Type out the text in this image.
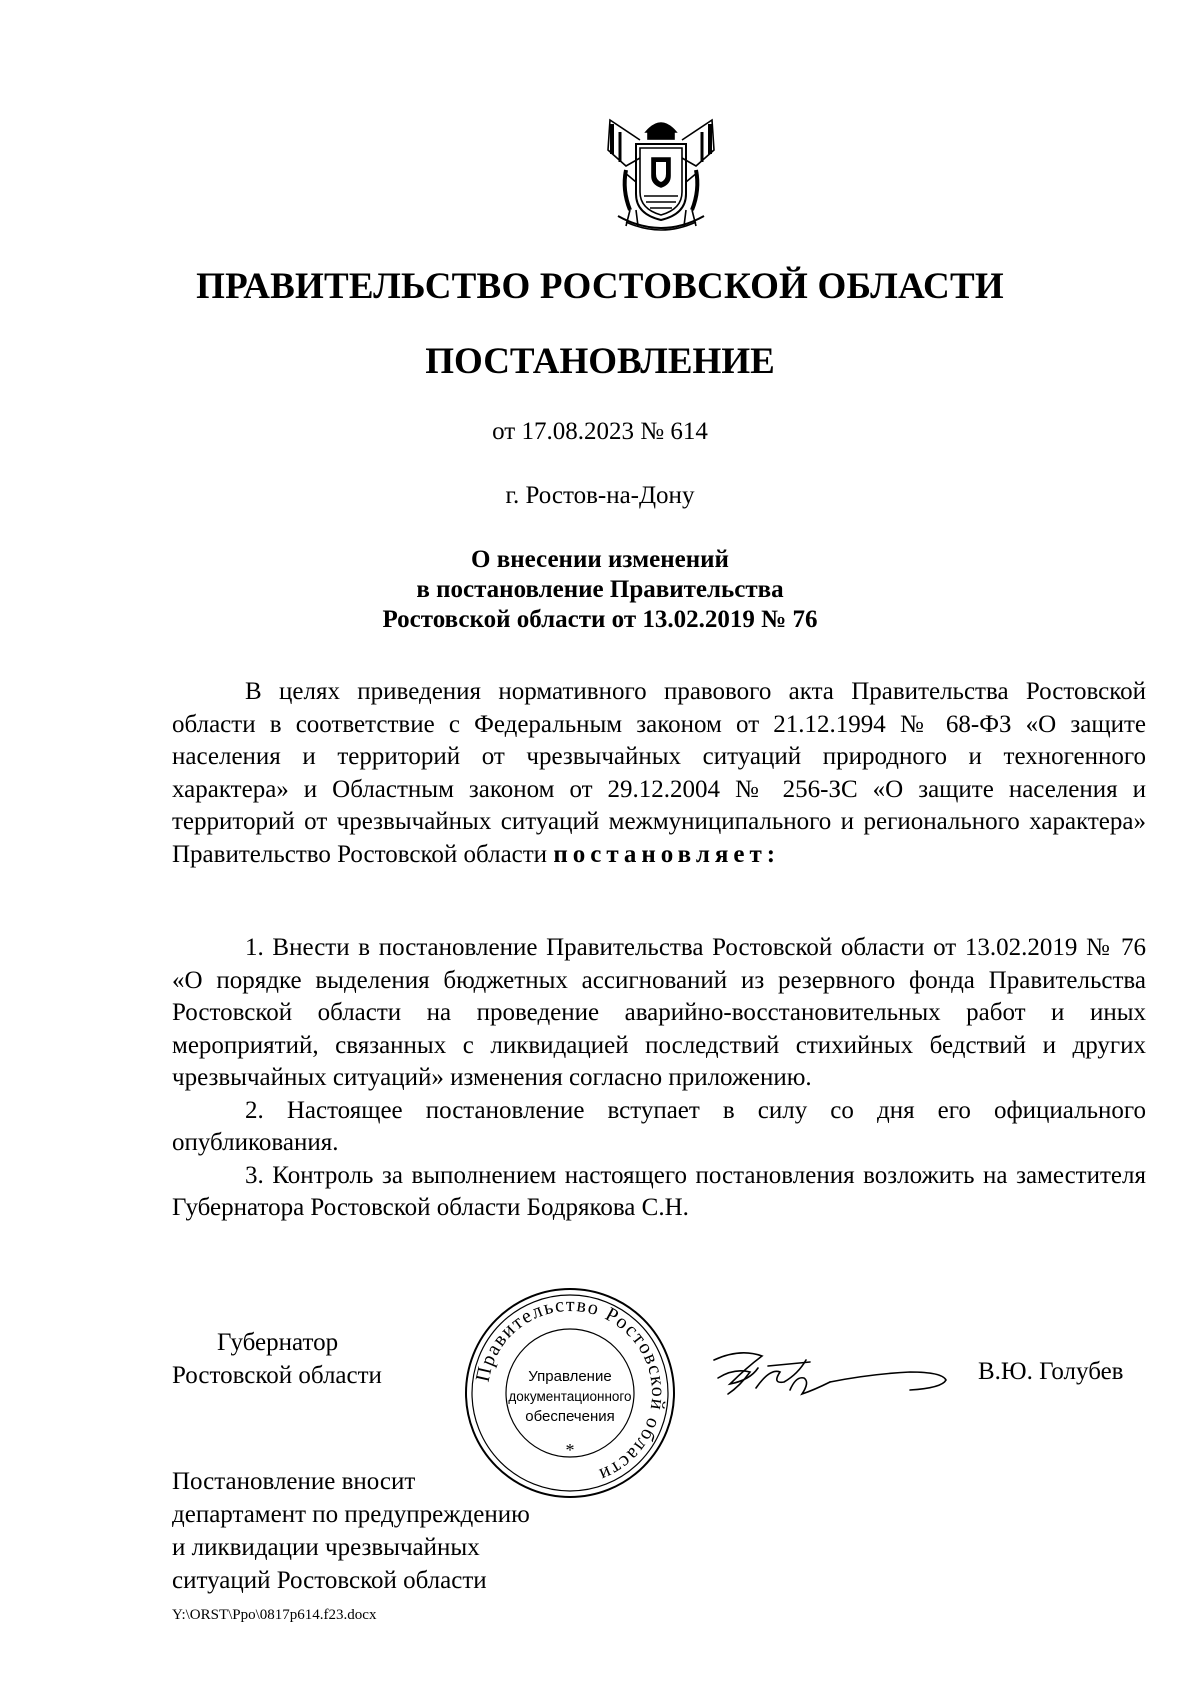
ПРАВИТЕЛЬСТВО РОСТОВСКОЙ ОБЛАСТИ
ПОСТАНОВЛЕНИЕ
от 17.08.2023 № 614
г. Ростов-на-Дону
О внесении изменений
в постановление Правительства
Ростовской области от 13.02.2019 № 76

В целях приведения нормативного правового акта Правительства Ростовской области в соответствие с Федеральным законом от 21.12.1994 № 68-ФЗ «О защите населения и территорий от чрезвычайных ситуаций природного и техногенного характера» и Областным законом от 29.12.2004 № 256-ЗС «О защите населения и территорий от чрезвычайных ситуаций межмуниципального и регионального характера» Правительство Ростовской области постановляет:

1. Внести в постановление Правительства Ростовской области от 13.02.2019 № 76 «О порядке выделения бюджетных ассигнований из резервного фонда Правительства Ростовской области на проведение аварийно-восстановительных работ и иных мероприятий, связанных с ликвидацией последствий стихийных бедствий и других чрезвычайных ситуаций» изменения согласно приложению.

2. Настоящее постановление вступает в силу со дня его официального опубликования.

3. Контроль за выполнением настоящего постановления возложить на заместителя Губернатора Ростовской области Бодрякова С.Н.

Губернатор
Ростовской области	Правительство Ростовской области
*
Управление
документационного
обеспечения
В.Ю. Голубев
Постановление вносит
департамент по предупреждению
и ликвидации чрезвычайных
ситуаций Ростовской области
Y:\ORST\Ppo\0817p614.f23.docx
